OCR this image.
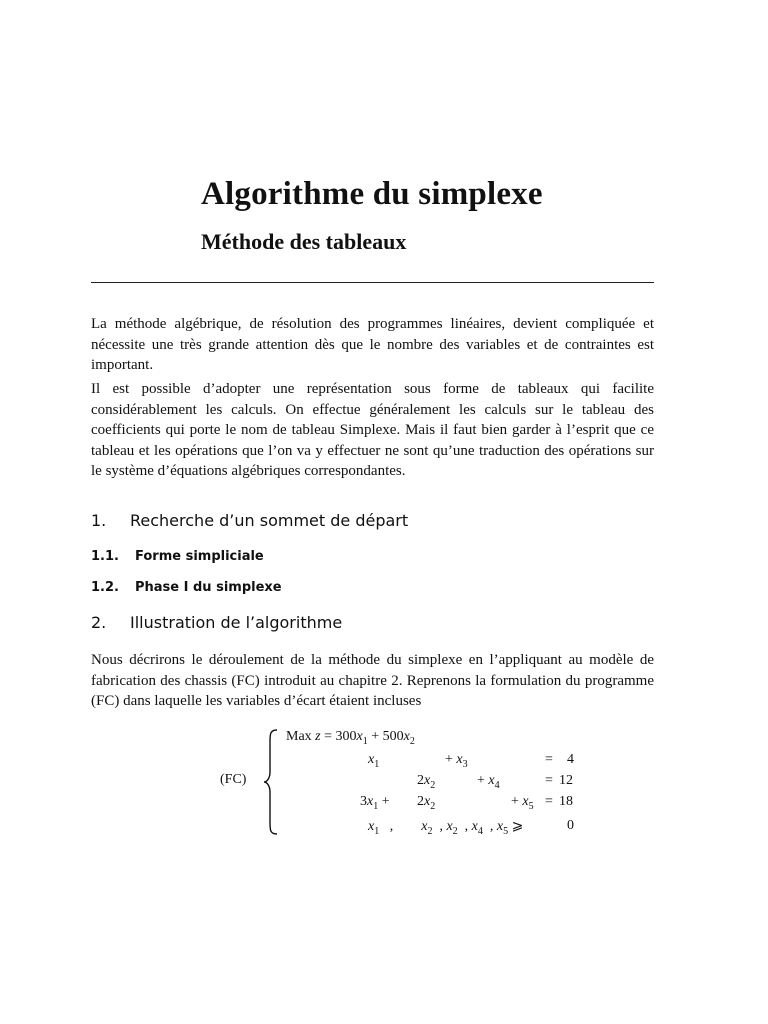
Algorithme du simplexe
Méthode des tableaux

La méthode algébrique, de résolution des programmes linéaires, devient compliquée et nécessite une très grande attention dès que le nombre des variables et de contraintes est important.

Il est possible d’adopter une représentation sous forme de tableaux qui facilite considérablement les calculs. On effectue généralement les calculs sur le tableau des coefficients qui porte le nom de tableau Simplexe. Mais il faut bien garder à l’esprit que ce tableau et les opérations que l’on va y effectuer ne sont qu’une traduction des opérations sur le système d’équations algébriques correspondantes.

1. Recherche d’un sommet de départ
1.1. Forme simpliciale
1.2. Phase I du simplexe
2. Illustration de l’algorithme

Nous décrirons le déroulement de la méthode du simplexe en l’appliquant au modèle de fabrication des chassis (FC) introduit au chapitre 2. Reprenons la formulation du programme (FC) dans laquelle les variables d’écart étaient incluses

(FC)
Max $z = 300x_1 + 500x_2$
$x_1$	+ $x_3$	= 4
$2x_2$	+ $x_4$	= 12
$3x_1 + 2x_2$	+ $x_5 = 18$
$x_1$   ,        $x_2$  , $x_2$  , $x_4$  , $x_5$ ⩾	0
